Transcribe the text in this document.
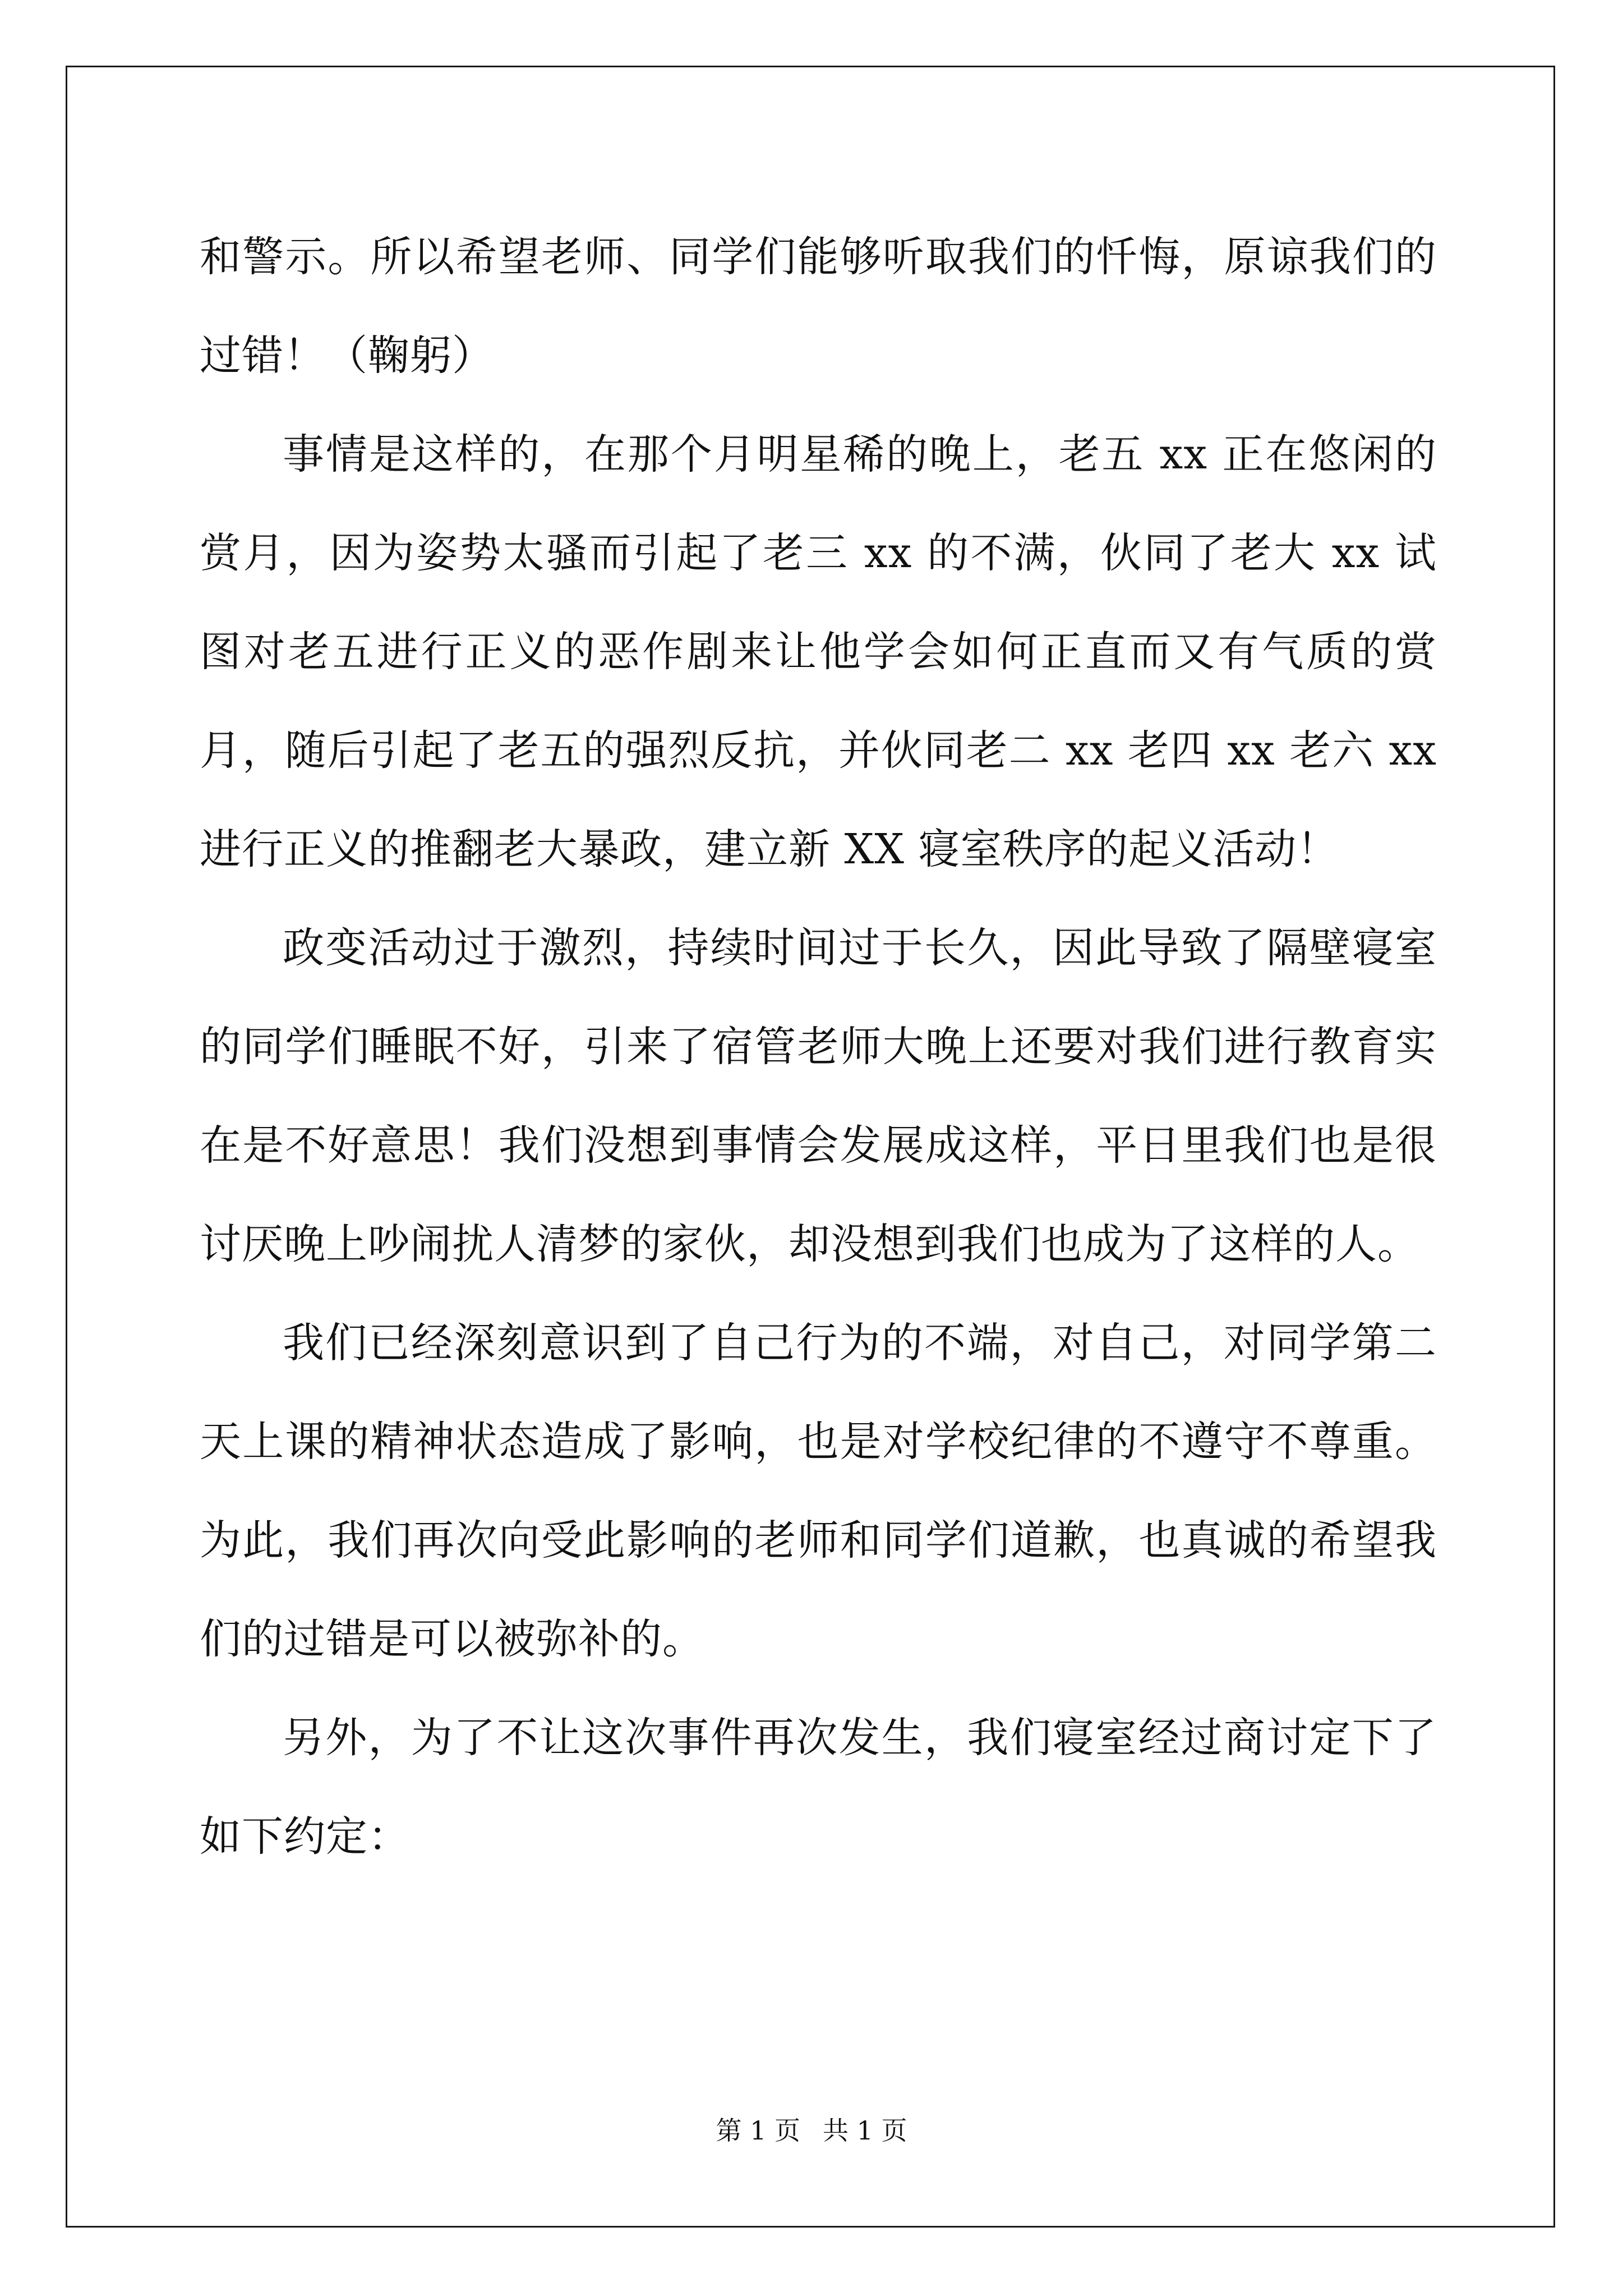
和警示。所以希望老师、同学们能够听取我们的忏悔，原谅我们的过错！（鞠躬）

事情是这样的，在那个月明星稀的晚上，老五 xx 正在悠闲的赏月，因为姿势太骚而引起了老三 xx 的不满，伙同了老大 xx 试图对老五进行正义的恶作剧来让他学会如何正直而又有气质的赏月，随后引起了老五的强烈反抗，并伙同老二 xx 老四 xx 老六 xx 进行正义的推翻老大暴政，建立新 XX 寝室秩序的起义活动！

政变活动过于激烈，持续时间过于长久，因此导致了隔壁寝室的同学们睡眠不好，引来了宿管老师大晚上还要对我们进行教育实在是不好意思！我们没想到事情会发展成这样，平日里我们也是很讨厌晚上吵闹扰人清梦的家伙，却没想到我们也成为了这样的人。

我们已经深刻意识到了自己行为的不端，对自己，对同学第二天上课的精神状态造成了影响，也是对学校纪律的不遵守不尊重。为此，我们再次向受此影响的老师和同学们道歉，也真诚的希望我们的过错是可以被弥补的。

另外，为了不让这次事件再次发生，我们寝室经过商讨定下了如下约定：

第 1 页 共 1 页
